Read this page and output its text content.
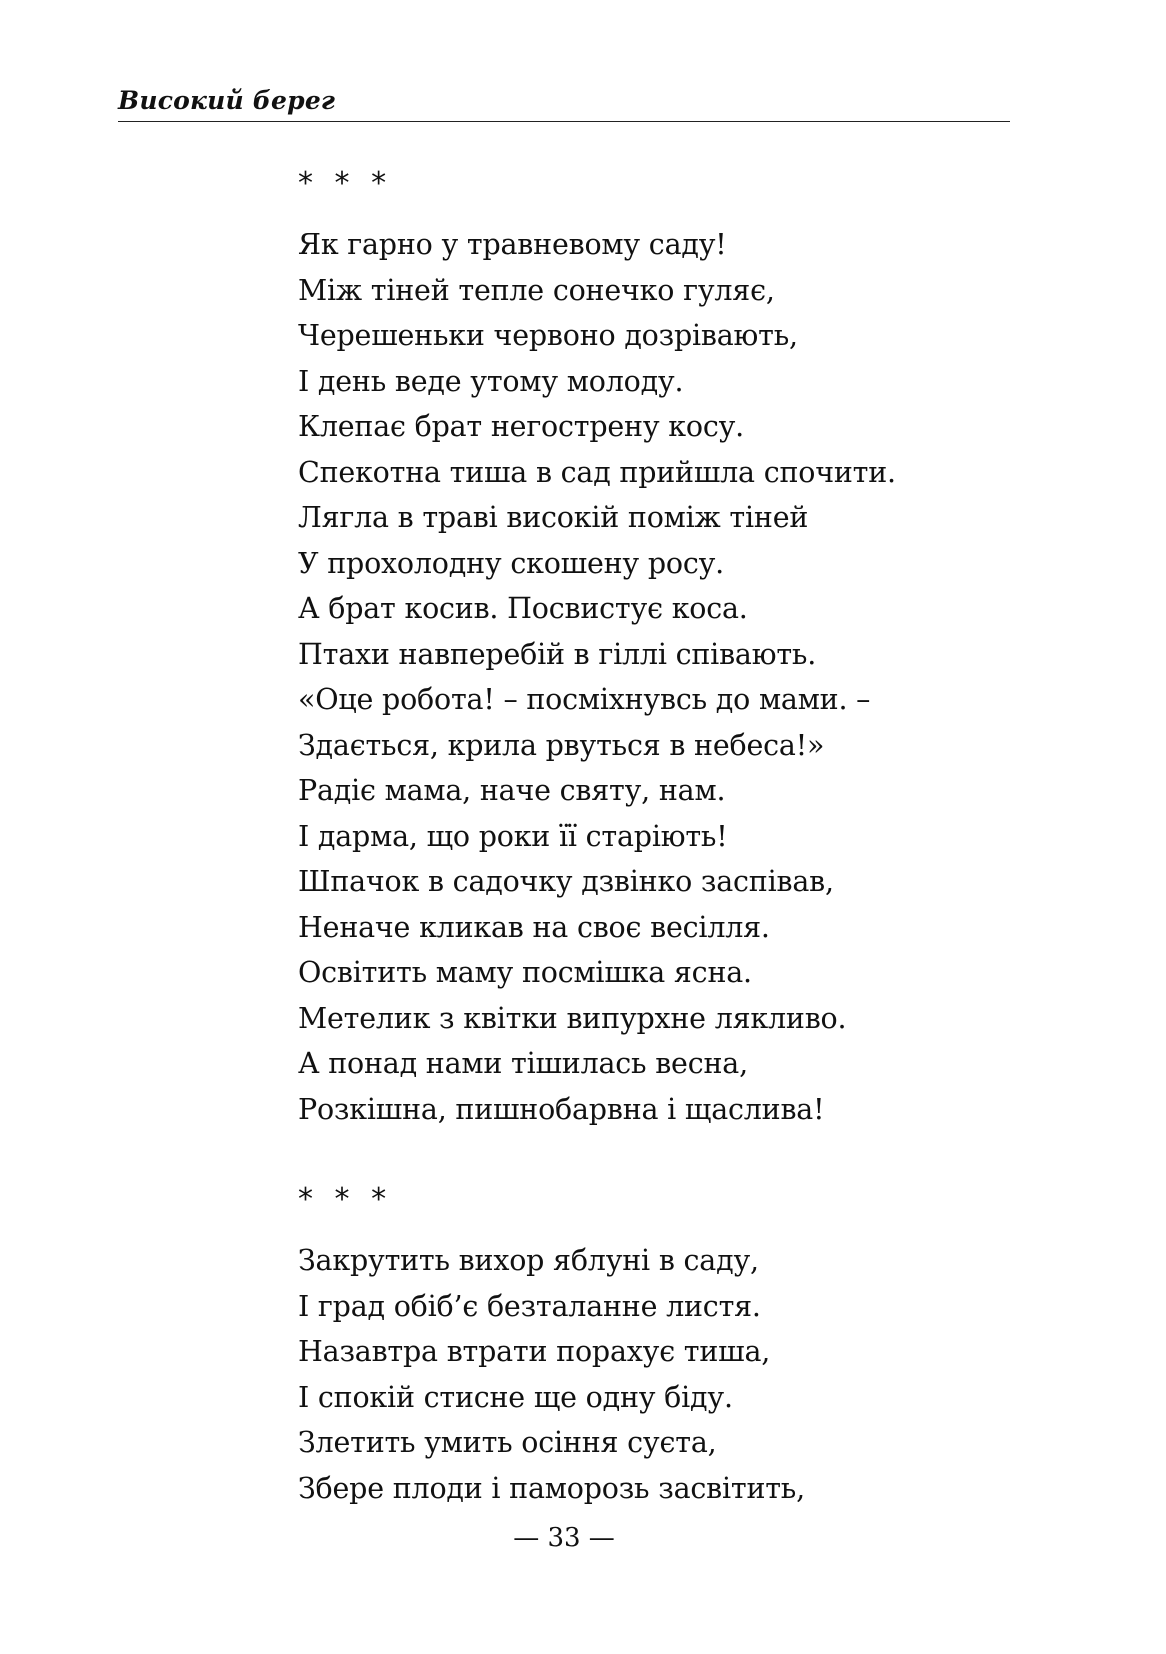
Високий берег
* * *
Як гарно у травневому саду!
Між тіней тепле сонечко гуляє,
Черешеньки червоно дозрівають,
І день веде утому молоду.
Клепає брат негострену косу.
Спекотна тиша в сад прийшла спочити.
Лягла в траві високій поміж тіней
У прохолодну скошену росу.
А брат косив. Посвистує коса.
Птахи навперебій в гіллі співають.
«Оце робота! – посміхнувсь до мами. –
Здається, крила рвуться в небеса!»
Радіє мама, наче святу, нам.
І дарма, що роки її старіють!
Шпачок в садочку дзвінко заспівав,
Неначе кликав на своє весілля.
Освітить маму посмішка ясна.
Метелик з квітки випурхне лякливо.
А понад нами тішилась весна,
Розкішна, пишнобарвна і щаслива!
* * *
Закрутить вихор яблуні в саду,
І град обіб’є безталанне листя.
Назавтра втрати порахує тиша,
І спокій стисне ще одну біду.
Злетить умить осіння суєта,
Збере плоди і паморозь засвітить,
— 33 —
